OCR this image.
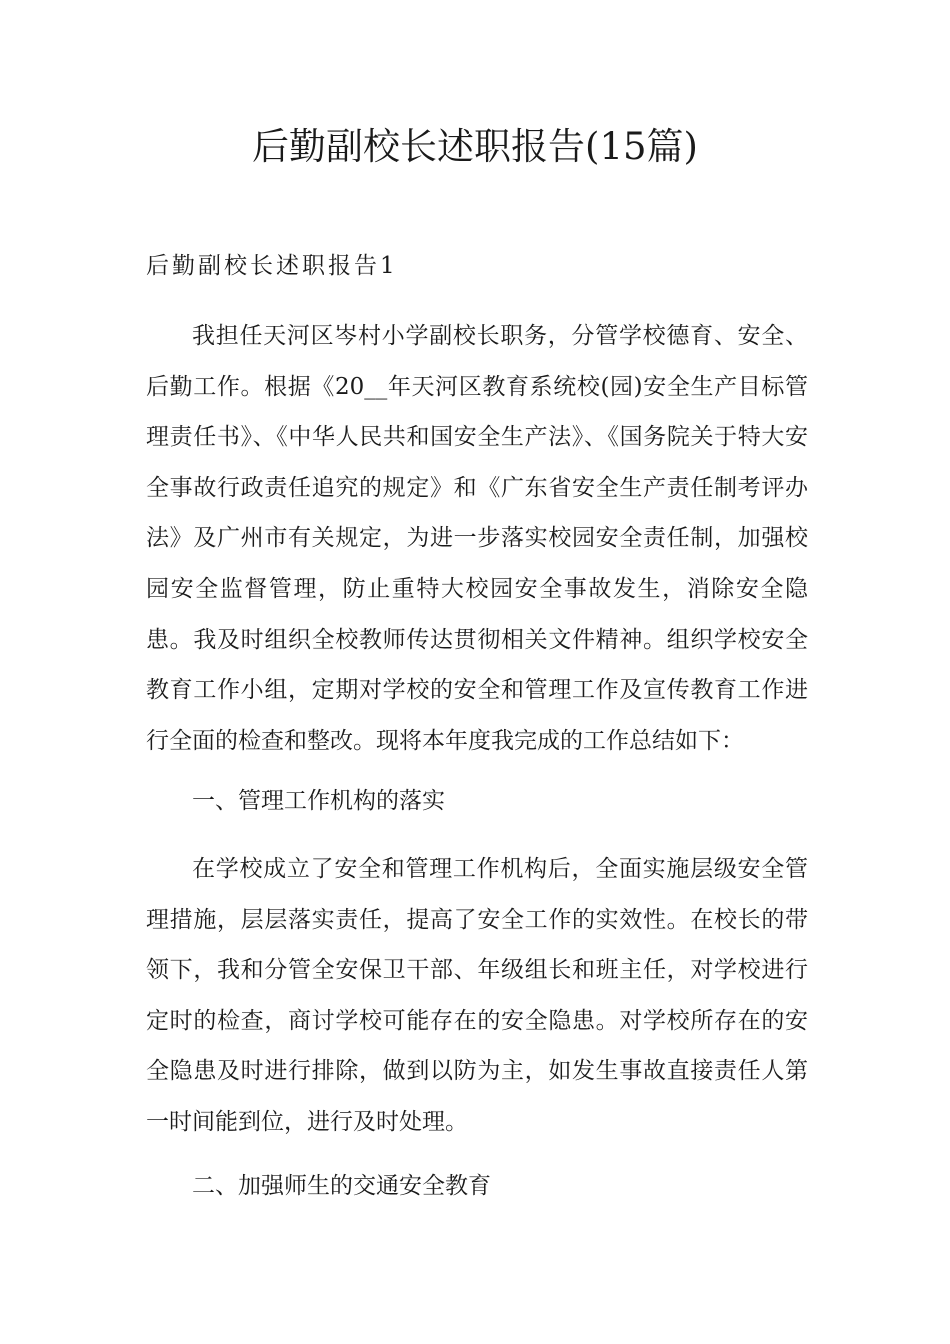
后勤副校长述职报告(15篇)
后勤副校长述职报告1

我担任天河区岑村小学副校长职务，分管学校德育、安全、后勤工作。根据《20__年天河区教育系统校(园)安全生产目标管理责任书》、《中华人民共和国安全生产法》、《国务院关于特大安全事故行政责任追究的规定》和《广东省安全生产责任制考评办法》及广州市有关规定，为进一步落实校园安全责任制，加强校园安全监督管理，防止重特大校园安全事故发生，消除安全隐患。我及时组织全校教师传达贯彻相关文件精神。组织学校安全教育工作小组，定期对学校的安全和管理工作及宣传教育工作进行全面的检查和整改。现将本年度我完成的工作总结如下：

一、管理工作机构的落实

在学校成立了安全和管理工作机构后，全面实施层级安全管理措施，层层落实责任，提高了安全工作的实效性。在校长的带领下，我和分管全安保卫干部、年级组长和班主任，对学校进行定时的检查，商讨学校可能存在的安全隐患。对学校所存在的安全隐患及时进行排除，做到以防为主，如发生事故直接责任人第一时间能到位，进行及时处理。

二、加强师生的交通安全教育
